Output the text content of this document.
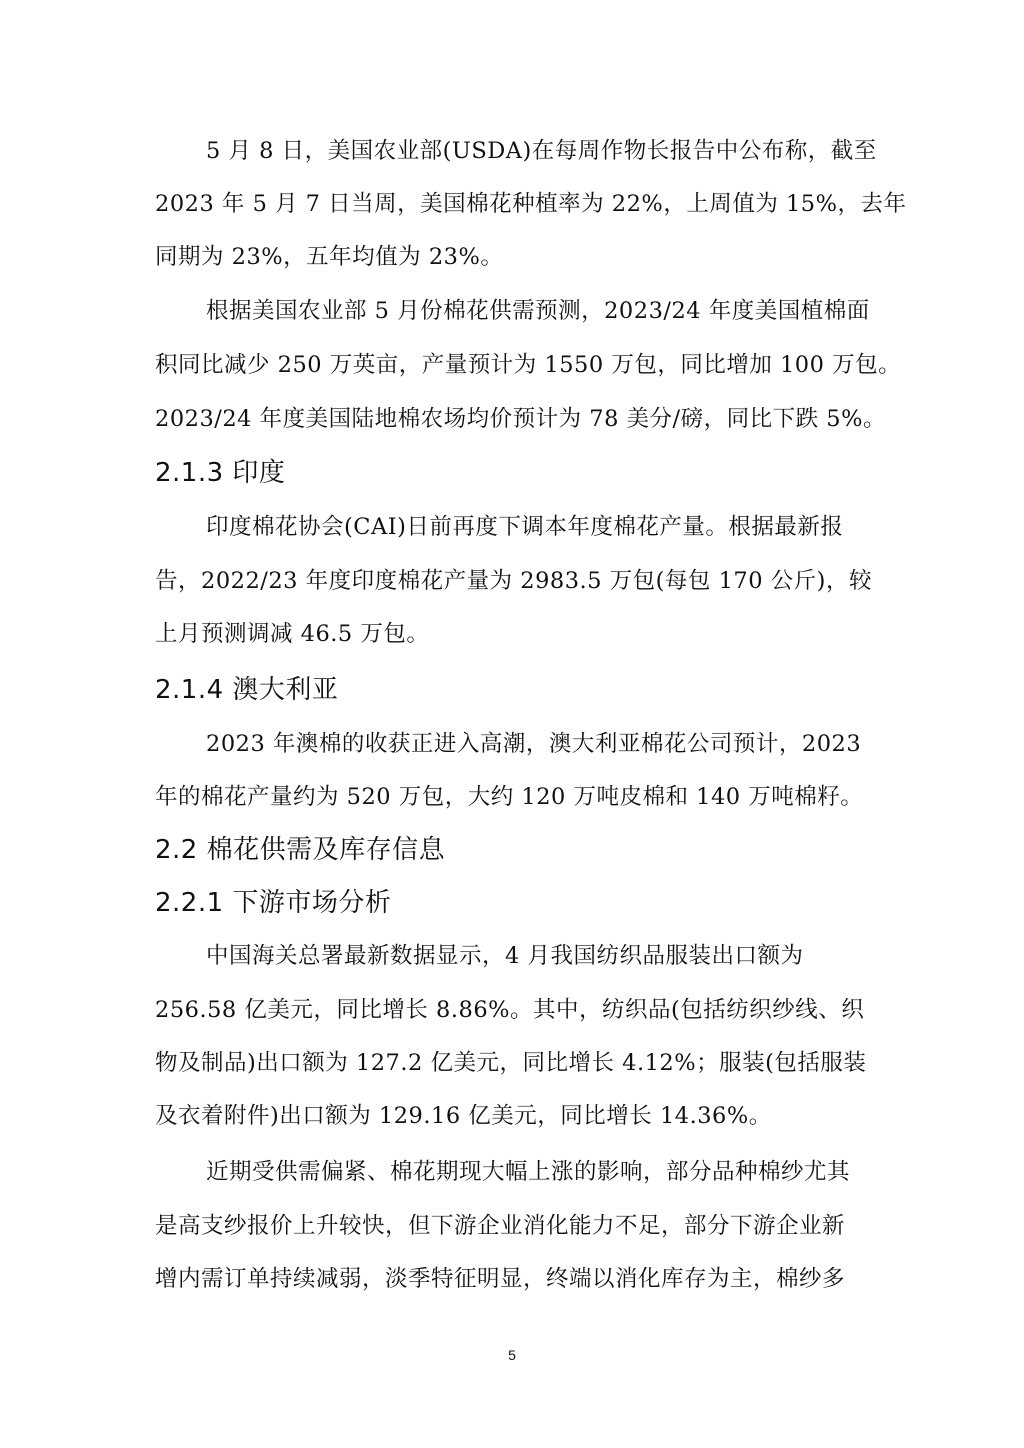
5 月 8 日，美国农业部(USDA)在每周作物长报告中公布称，截至
2023 年 5 月 7 日当周，美国棉花种植率为 22%，上周值为 15%，去年
同期为 23%，五年均值为 23%。
根据美国农业部 5 月份棉花供需预测，2023/24 年度美国植棉面
积同比减少 250 万英亩，产量预计为 1550 万包，同比增加 100 万包。
2023/24 年度美国陆地棉农场均价预计为 78 美分/磅，同比下跌 5%。
2.1.3 印度
印度棉花协会(CAI)日前再度下调本年度棉花产量。根据最新报
告，2022/23 年度印度棉花产量为 2983.5 万包(每包 170 公斤)，较
上月预测调减 46.5 万包。
2.1.4 澳大利亚
2023 年澳棉的收获正进入高潮，澳大利亚棉花公司预计，2023
年的棉花产量约为 520 万包，大约 120 万吨皮棉和 140 万吨棉籽。
2.2 棉花供需及库存信息
2.2.1 下游市场分析
中国海关总署最新数据显示，4 月我国纺织品服装出口额为
256.58 亿美元，同比增长 8.86%。其中，纺织品(包括纺织纱线、织
物及制品)出口额为 127.2 亿美元，同比增长 4.12%；服装(包括服装
及衣着附件)出口额为 129.16 亿美元，同比增长 14.36%。
近期受供需偏紧、棉花期现大幅上涨的影响，部分品种棉纱尤其
是高支纱报价上升较快，但下游企业消化能力不足，部分下游企业新
增内需订单持续减弱，淡季特征明显，终端以消化库存为主，棉纱多
5
